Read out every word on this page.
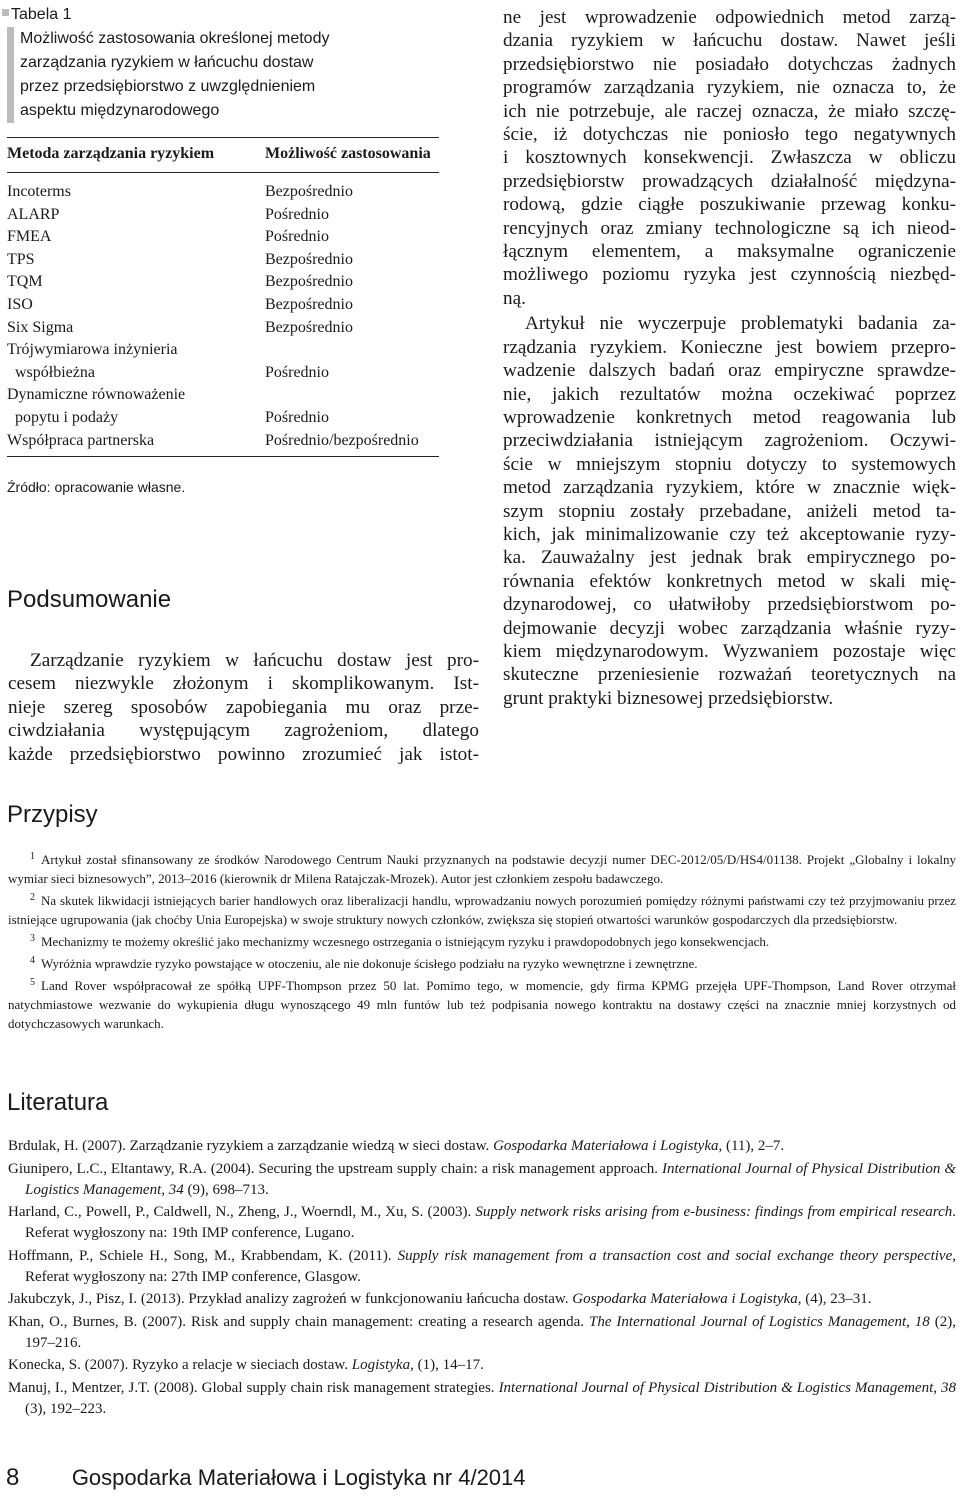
Tabela 1
Możliwość zastosowania określonej metody
zarządzania ryzykiem w łańcuchu dostaw
przez przedsiębiorstwo z uwzględnieniem
aspektu międzynarodowego
Metoda zarządzania ryzykiem	Możliwość zastosowania

Incoterms	Bezpośrednio

ALARP	Pośrednio

FMEA	Pośrednio

TPS	Bezpośrednio

TQM	Bezpośrednio

ISO	Bezpośrednio

Six Sigma	Bezpośrednio

Trójwymiarowa inżynieria
współbieżna	Pośrednio

Dynamiczne równoważenie
popytu i podaży	Pośrednio

Współpraca partnerska	Pośrednio/bezpośrednio
Źródło: opracowanie własne.
Podsumowanie
Zarządzanie ryzykiem w łańcuchu dostaw jest pro-
cesem niezwykle złożonym i skomplikowanym. Ist-
nieje szereg sposobów zapobiegania mu oraz prze-
ciwdziałania występującym zagrożeniom, dlatego
każde przedsiębiorstwo powinno zrozumieć jak istot-
ne jest wprowadzenie odpowiednich metod zarzą-
dzania ryzykiem w łańcuchu dostaw. Nawet jeśli
przedsiębiorstwo nie posiadało dotychczas żadnych
programów zarządzania ryzykiem, nie oznacza to, że
ich nie potrzebuje, ale raczej oznacza, że miało szczę-
ście, iż dotychczas nie poniosło tego negatywnych
i kosztownych konsekwencji. Zwłaszcza w obliczu
przedsiębiorstw prowadzących działalność międzyna-
rodową, gdzie ciągłe poszukiwanie przewag konku-
rencyjnych oraz zmiany technologiczne są ich nieod-
łącznym elementem, a maksymalne ograniczenie
możliwego poziomu ryzyka jest czynnością niezbęd-
ną.
Artykuł nie wyczerpuje problematyki badania za-
rządzania ryzykiem. Konieczne jest bowiem przepro-
wadzenie dalszych badań oraz empiryczne sprawdze-
nie, jakich rezultatów można oczekiwać poprzez
wprowadzenie konkretnych metod reagowania lub
przeciwdziałania istniejącym zagrożeniom. Oczywi-
ście w mniejszym stopniu dotyczy to systemowych
metod zarządzania ryzykiem, które w znacznie więk-
szym stopniu zostały przebadane, aniżeli metod ta-
kich, jak minimalizowanie czy też akceptowanie ryzy-
ka. Zauważalny jest jednak brak empirycznego po-
równania efektów konkretnych metod w skali mię-
dzynarodowej, co ułatwiłoby przedsiębiorstwom po-
dejmowanie decyzji wobec zarządzania właśnie ryzy-
kiem międzynarodowym. Wyzwaniem pozostaje więc
skuteczne przeniesienie rozważań teoretycznych na
grunt praktyki biznesowej przedsiębiorstw.
Przypisy
$^1$ Artykuł został sfinansowany ze środków Narodowego Centrum Nauki przyznanych na podstawie decyzji numer DEC-2012/05/D/HS4/01138. Projekt „Globalny i lokalny wymiar sieci biznesowych”, 2013–2016 (kierownik dr Milena Ratajczak-Mrozek). Autor jest członkiem zespołu badawczego.
$^2$ Na skutek likwidacji istniejących barier handlowych oraz liberalizacji handlu, wprowadzaniu nowych porozumień pomiędzy różnymi państwami czy też przyjmowaniu przez istniejące ugrupowania (jak choćby Unia Europejska) w swoje struktury nowych członków, zwiększa się stopień otwartości warunków gospodarczych dla przedsiębiorstw.
$^3$ Mechanizmy te możemy określić jako mechanizmy wczesnego ostrzegania o istniejącym ryzyku i prawdopodobnych jego konsekwencjach.
$^4$ Wyróżnia wprawdzie ryzyko powstające w otoczeniu, ale nie dokonuje ścisłego podziału na ryzyko wewnętrzne i zewnętrzne.
$^5$ Land Rover współpracował ze spółką UPF-Thompson przez 50 lat. Pomimo tego, w momencie, gdy firma KPMG przejęła UPF-Thompson, Land Rover otrzymał natychmiastowe wezwanie do wykupienia długu wynoszącego 49 mln funtów lub też podpisania nowego kontraktu na dostawy części na znacznie mniej korzystnych od dotychczasowych warunkach.
Literatura
Brdulak, H. (2007). Zarządzanie ryzykiem a zarządzanie wiedzą w sieci dostaw. Gospodarka Materiałowa i Logistyka, (11), 2–7.
Giunipero, L.C., Eltantawy, R.A. (2004). Securing the upstream supply chain: a risk management approach. International Journal of Physical Distribution & Logistics Management, 34 (9), 698–713.
Harland, C., Powell, P., Caldwell, N., Zheng, J., Woerndl, M., Xu, S. (2003). Supply network risks arising from e-business: findings from empirical research. Referat wygłoszony na: 19th IMP conference, Lugano.
Hoffmann, P., Schiele H., Song, M., Krabbendam, K. (2011). Supply risk management from a transaction cost and social exchange theory perspective, Referat wygłoszony na: 27th IMP conference, Glasgow.
Jakubczyk, J., Pisz, I. (2013). Przykład analizy zagrożeń w funkcjonowaniu łańcucha dostaw. Gospodarka Materiałowa i Logistyka, (4), 23–31.
Khan, O., Burnes, B. (2007). Risk and supply chain management: creating a research agenda. The International Journal of Logistics Management, 18 (2), 197–216.
Konecka, S. (2007). Ryzyko a relacje w sieciach dostaw. Logistyka, (1), 14–17.
Manuj, I., Mentzer, J.T. (2008). Global supply chain risk management strategies. International Journal of Physical Distribution & Logistics Management, 38 (3), 192–223.
8 Gospodarka Materiałowa i Logistyka nr 4/2014
